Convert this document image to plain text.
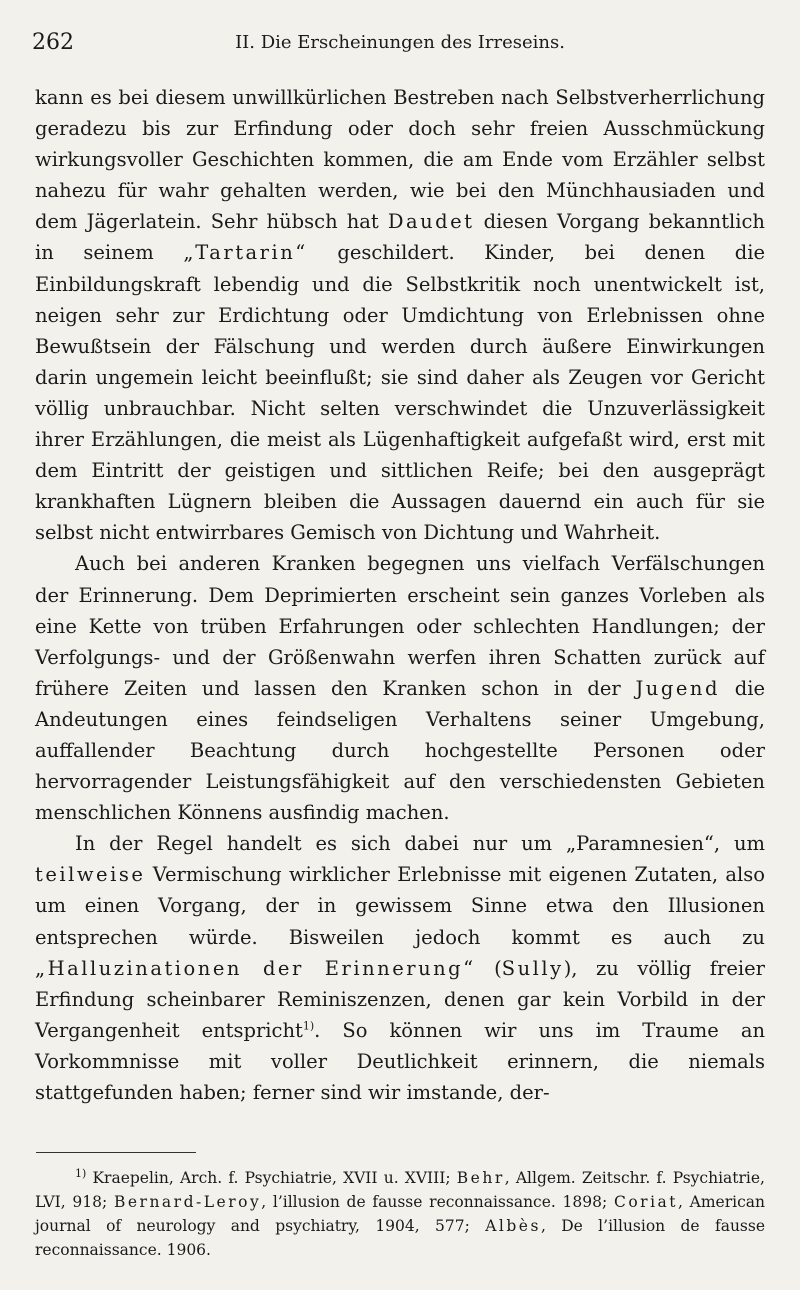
262	II. Die Erscheinungen des Irreseins.

kann es bei diesem unwillkürlichen Bestreben nach Selbstverherrlichung geradezu bis zur Erfindung oder doch sehr freien Ausschmückung wirkungsvoller Geschichten kommen, die am Ende vom Erzähler selbst nahezu für wahr gehalten werden, wie bei den Münchhausiaden und dem Jägerlatein. Sehr hübsch hat Daudet diesen Vorgang bekanntlich in seinem „Tartarin“ geschildert. Kinder, bei denen die Einbildungskraft lebendig und die Selbstkritik noch unentwickelt ist, neigen sehr zur Erdichtung oder Umdichtung von Erlebnissen ohne Bewußtsein der Fälschung und werden durch äußere Einwirkungen darin ungemein leicht beeinflußt; sie sind daher als Zeugen vor Gericht völlig unbrauchbar. Nicht selten verschwindet die Unzuverlässigkeit ihrer Erzählungen, die meist als Lügenhaftigkeit aufgefaßt wird, erst mit dem Eintritt der geistigen und sittlichen Reife; bei den ausgeprägt krankhaften Lügnern bleiben die Aussagen dauernd ein auch für sie selbst nicht entwirrbares Gemisch von Dichtung und Wahrheit.

Auch bei anderen Kranken begegnen uns vielfach Verfälschungen der Erinnerung. Dem Deprimierten erscheint sein ganzes Vorleben als eine Kette von trüben Erfahrungen oder schlechten Handlungen; der Verfolgungs- und der Größenwahn werfen ihren Schatten zurück auf frühere Zeiten und lassen den Kranken schon in der Jugend die Andeutungen eines feindseligen Verhaltens seiner Umgebung, auffallender Beachtung durch hochgestellte Personen oder hervorragender Leistungsfähigkeit auf den verschiedensten Gebieten menschlichen Könnens ausfindig machen.

In der Regel handelt es sich dabei nur um „Paramnesien“, um teilweise Vermischung wirklicher Erlebnisse mit eigenen Zutaten, also um einen Vorgang, der in gewissem Sinne etwa den Illusionen entsprechen würde. Bisweilen jedoch kommt es auch zu „Halluzinationen der Erinnerung“ (Sully), zu völlig freier Erfindung scheinbarer Reminiszenzen, denen gar kein Vorbild in der Vergangenheit entspricht$^{1)}$. So können wir uns im Traume an Vorkommnisse mit voller Deutlichkeit erinnern, die niemals stattgefunden haben; ferner sind wir imstande, der-

$^{1)}$ Kraepelin, Arch. f. Psychiatrie, XVII u. XVIII; Behr, Allgem. Zeitschr. f. Psychiatrie, LVI, 918; Bernard-Leroy, l’illusion de fausse reconnaissance. 1898; Coriat, American journal of neurology and psychiatry, 1904, 577; Albès, De l’illusion de fausse reconnaissance. 1906.
